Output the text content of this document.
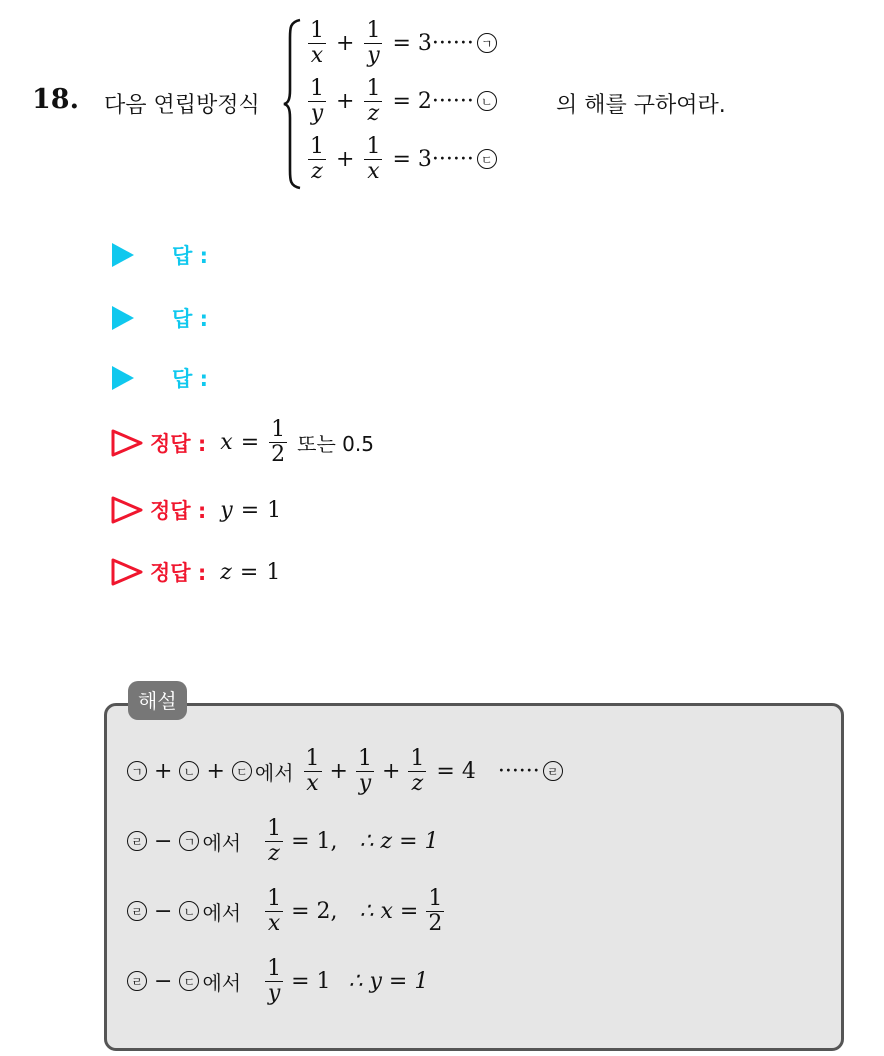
18. 다음 연립방정식
$\frac{1}{x} + \frac{1}{y} = 3$ ······ ㄱ
$\frac{1}{y} + \frac{1}{z} = 2$ ······ ㄴ
$\frac{1}{z} + \frac{1}{x} = 3$ ······ ㄷ
의 해를 구하여라.
답 :
답 :
답 :
정답 : $x = \frac{1}{2}$ 또는 0.5
정답 : y = 1
정답 : z = 1
해설
ㄱ + ㄴ + ㄷ 에서 $\frac{1}{x} + \frac{1}{y} + \frac{1}{z} = 4$ ······ ㄹ
ㄹ − ㄱ 에서 $\frac{1}{z} = 1$, ∴ z = 1
ㄹ − ㄴ 에서 $\frac{1}{x} = 2$, ∴ $x = \frac{1}{2}$
ㄹ − ㄷ 에서 $\frac{1}{y} = 1$ ∴ y = 1
